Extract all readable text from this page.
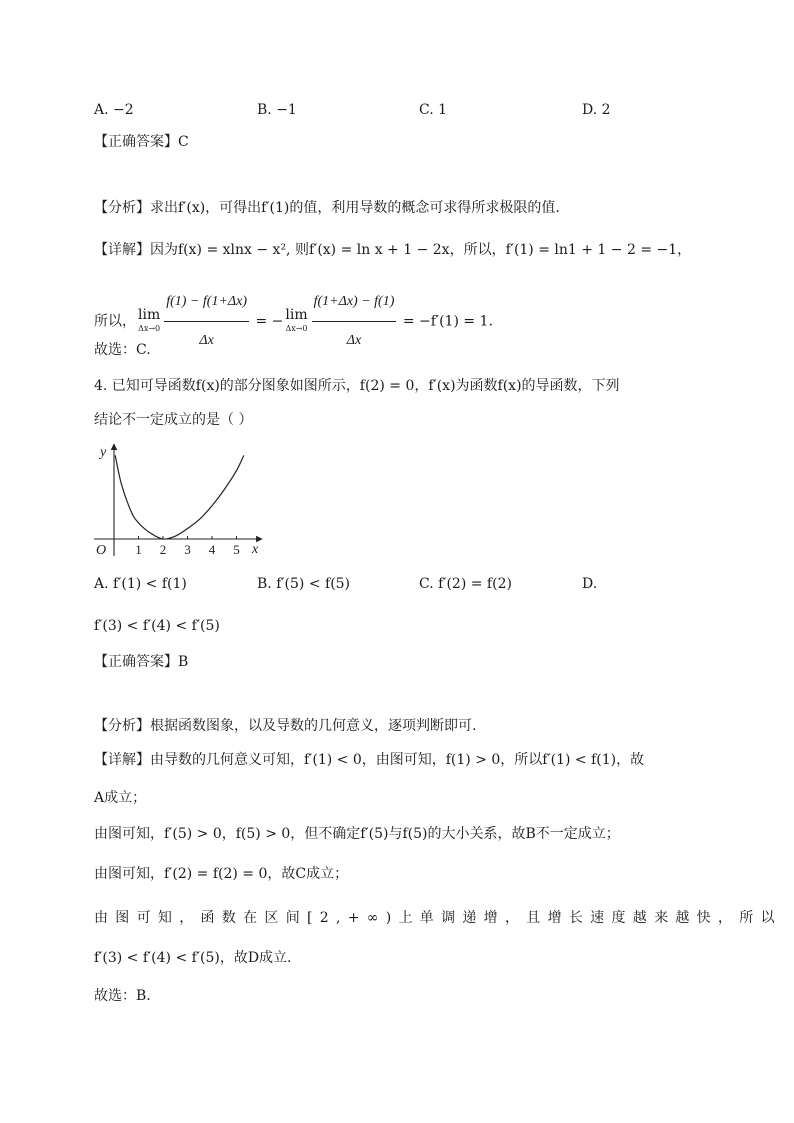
A. −2	B. −1	C. 1	D. 2
【正确答案】C
【分析】求出f′(x)，可得出f′(1)的值，利用导数的概念可求得所求极限的值.
【详解】因为f(x) = xlnx − x², 则f′(x) = ln x + 1 − 2x，所以，f′(1) = ln1 + 1 − 2 = −1，
所以， lim
$\Delta x\to 0 \frac{f(1) - f(1+\Delta x)}{\Delta x}$ = − lim
$\Delta x\to 0 \frac{f(1+\Delta x) - f(1)}{\Delta x} = -f'(1) = 1$.
故选：C.
4. 已知可导函数f(x)的部分图象如图所示，f(2) = 0，f′(x)为函数f(x)的导函数，下列
结论不一定成立的是（ ）
y
x
O 1 2 3 4 5
A. f′(1) < f(1)	B. f′(5) < f(5)	C. f′(2) = f(2)	D.
f′(3) < f′(4) < f′(5)
【正确答案】B
【分析】根据函数图象，以及导数的几何意义，逐项判断即可.
【详解】由导数的几何意义可知，f′(1) < 0，由图可知，f(1) > 0，所以f′(1) < f(1)，故
A成立；
由图可知，f′(5) > 0，f(5) > 0，但不确定f′(5)与f(5)的大小关系，故B不一定成立；
由图可知，f′(2) = f(2) = 0，故C成立；
由图可知，函数在区间[2,+∞)上单调递增，且增长速度越来越快，所以
f′(3) < f′(4) < f′(5)，故D成立.
故选：B.
